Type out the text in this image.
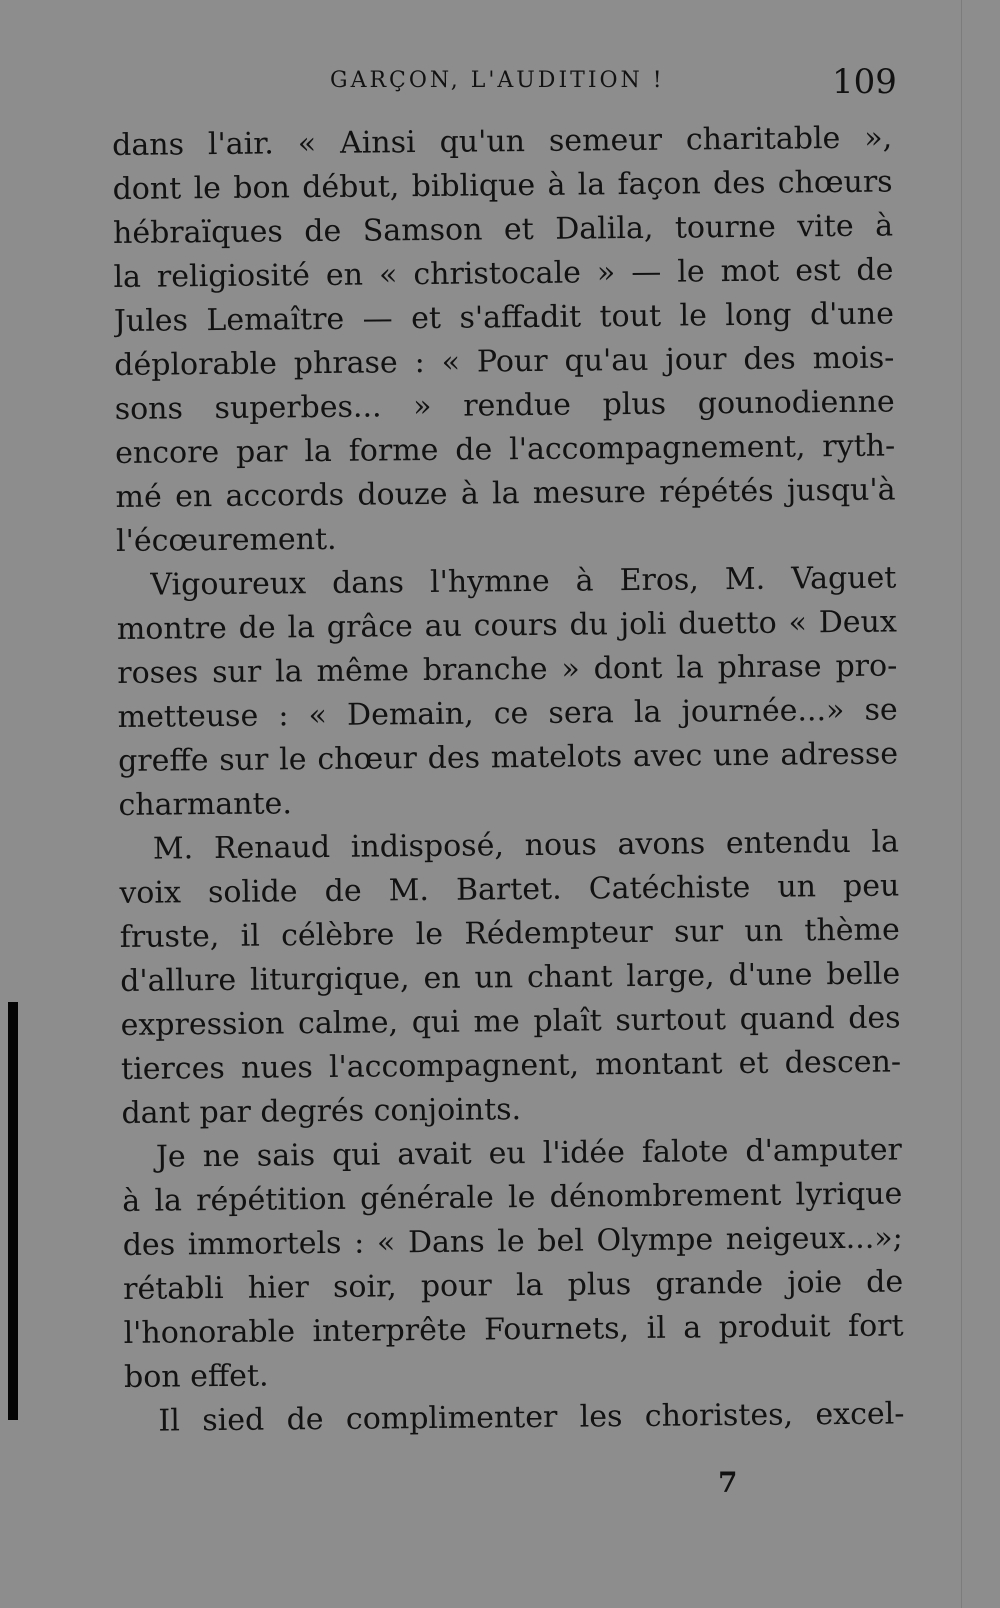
GARÇON, L'AUDITION !	109
dans l'air. « Ainsi qu'un semeur charitable »,
dont le bon début, biblique à la façon des chœurs
hébraïques de Samson et Dalila, tourne vite à
la religiosité en « christocale » — le mot est de
Jules Lemaître — et s'affadit tout le long d'une
déplorable phrase : « Pour qu'au jour des mois-
sons superbes... » rendue plus gounodienne
encore par la forme de l'accompagnement, ryth-
mé en accords douze à la mesure répétés jusqu'à
l'écœurement.
Vigoureux dans l'hymne à Eros, M. Vaguet
montre de la grâce au cours du joli duetto « Deux
roses sur la même branche » dont la phrase pro-
metteuse : « Demain, ce sera la journée...» se
greffe sur le chœur des matelots avec une adresse
charmante.
M. Renaud indisposé, nous avons entendu la
voix solide de M. Bartet. Catéchiste un peu
fruste, il célèbre le Rédempteur sur un thème
d'allure liturgique, en un chant large, d'une belle
expression calme, qui me plaît surtout quand des
tierces nues l'accompagnent, montant et descen-
dant par degrés conjoints.
Je ne sais qui avait eu l'idée falote d'amputer
à la répétition générale le dénombrement lyrique
des immortels : « Dans le bel Olympe neigeux...»;
rétabli hier soir, pour la plus grande joie de
l'honorable interprête Fournets, il a produit fort
bon effet.
Il sied de complimenter les choristes, excel-
7
